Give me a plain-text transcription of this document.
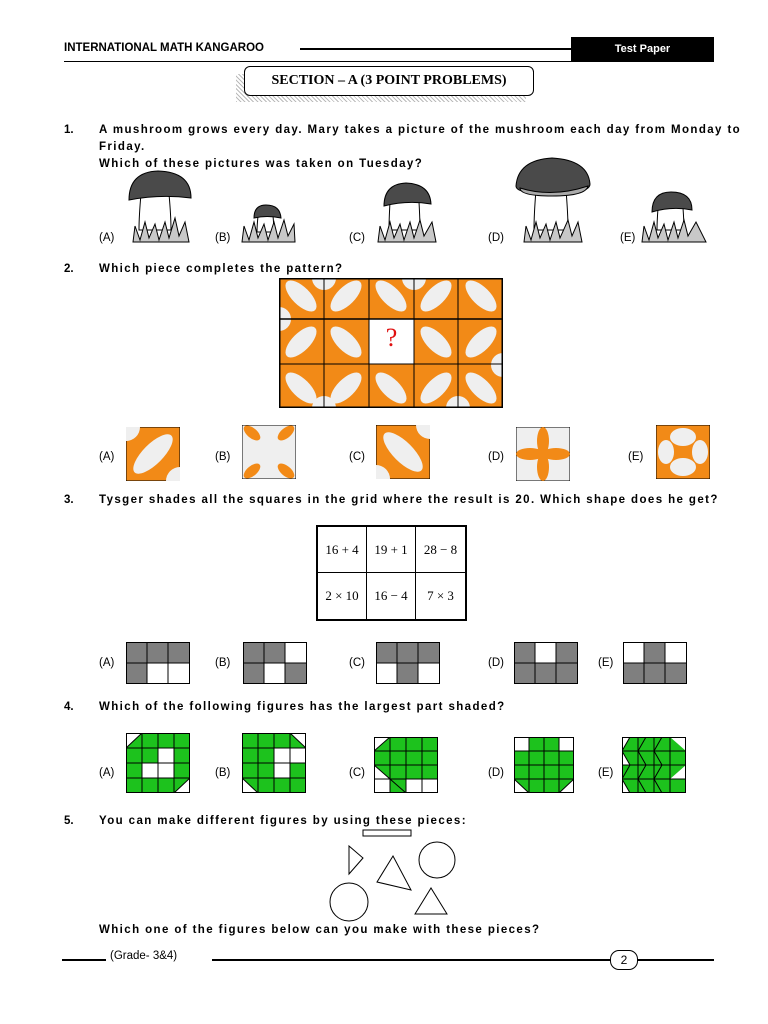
INTERNATIONAL MATH KANGAROO	Test Paper
SECTION – A (3 POINT PROBLEMS)
1. A mushroom grows every day. Mary takes a picture of the mushroom each day from Monday to Friday.
Which of these pictures was taken on Tuesday?
(A)	(B)	(C)	(D)	(E)
2. Which piece completes the pattern?
?
(A)	(B)	(C)	(D)	(E)
3. Tysger shades all the squares in the grid where the result is 20. Which shape does he get?
16 + 4	19 + 1	28 − 8
2 × 10	16 − 4	7 × 3
(A)	(B)	(C)	(D)	(E)
4. Which of the following figures has the largest part shaded?
(A)	(B)	(C)	(D)	(E)
5. You can make different figures by using these pieces:
Which one of the figures below can you make with these pieces?
(Grade- 3&4)	2
